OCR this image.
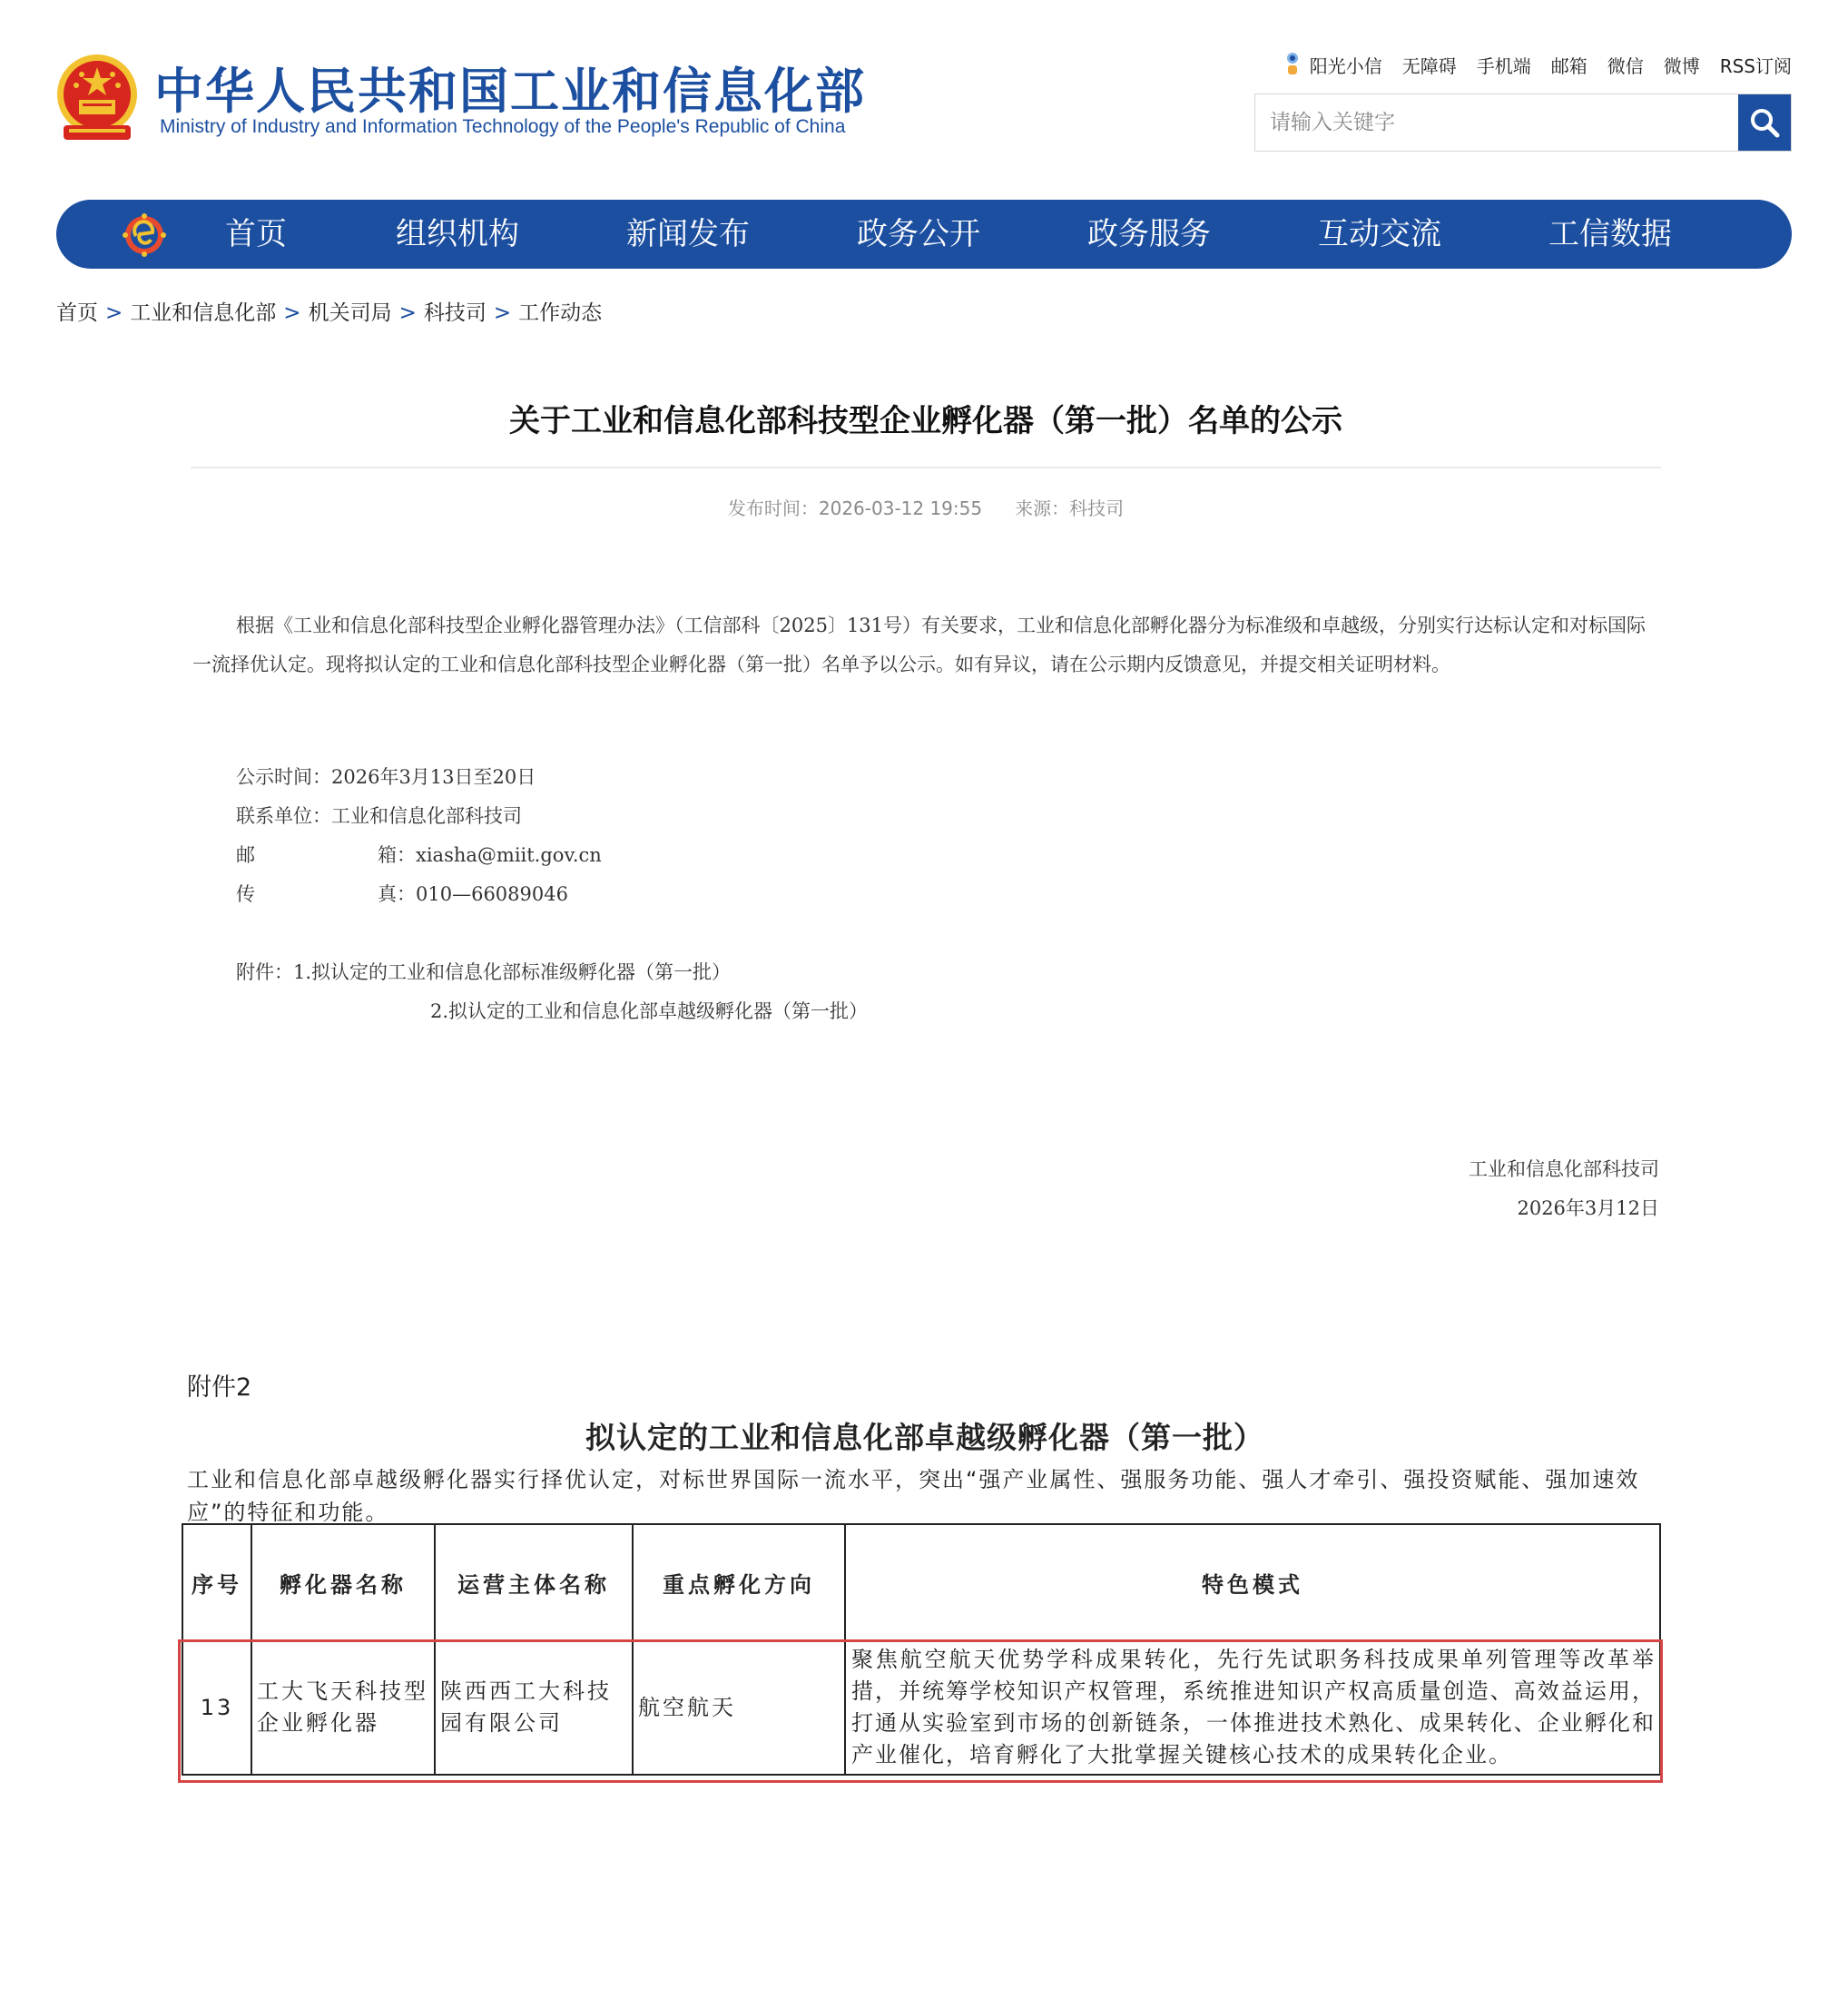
中华人民共和国工业和信息化部
Ministry of Industry and Information Technology of the People's Republic of China
阳光小信 无障碍 手机端 邮箱 微信 微博 RSS订阅
请输入关键字
首页	组织机构	新闻发布	政务公开	政务服务	互动交流	工信数据
首页 > 工业和信息化部 > 机关司局 > 科技司 > 工作动态
关于工业和信息化部科技型企业孵化器（第一批）名单的公示
发布时间：2026-03-12 19:55 来源：科技司

根据《工业和信息化部科技型企业孵化器管理办法》（工信部科〔2025〕131号）有关要求，工业和信息化部孵化器分为标准级和卓越级，分别实行达标认定和对标国际一流择优认定。现将拟认定的工业和信息化部科技型企业孵化器（第一批）名单予以公示。如有异议，请在公示期内反馈意见，并提交相关证明材料。

公示时间：2026年3月13日至20日
联系单位：工业和信息化部科技司
邮	箱：xiasha@miit.gov.cn
传	真：010—66089046
附件：1.拟认定的工业和信息化部标准级孵化器（第一批）
2.拟认定的工业和信息化部卓越级孵化器（第一批）
工业和信息化部科技司
2026年3月12日
附件2
拟认定的工业和信息化部卓越级孵化器（第一批）
工业和信息化部卓越级孵化器实行择优认定，对标世界国际一流水平，突出“强产业属性、强服务功能、强人才牵引、强投资赋能、强加速效应”的特征和功能。
序号	孵化器名称	运营主体名称	重点孵化方向	特色模式
13	工大飞天科技型企业孵化器	陕西西工大科技园有限公司	航空航天	聚焦航空航天优势学科成果转化，先行先试职务科技成果单列管理等改革举措，并统筹学校知识产权管理，系统推进知识产权高质量创造、高效益运用，打通从实验室到市场的创新链条，一体推进技术熟化、成果转化、企业孵化和产业催化，培育孵化了大批掌握关键核心技术的成果转化企业。
